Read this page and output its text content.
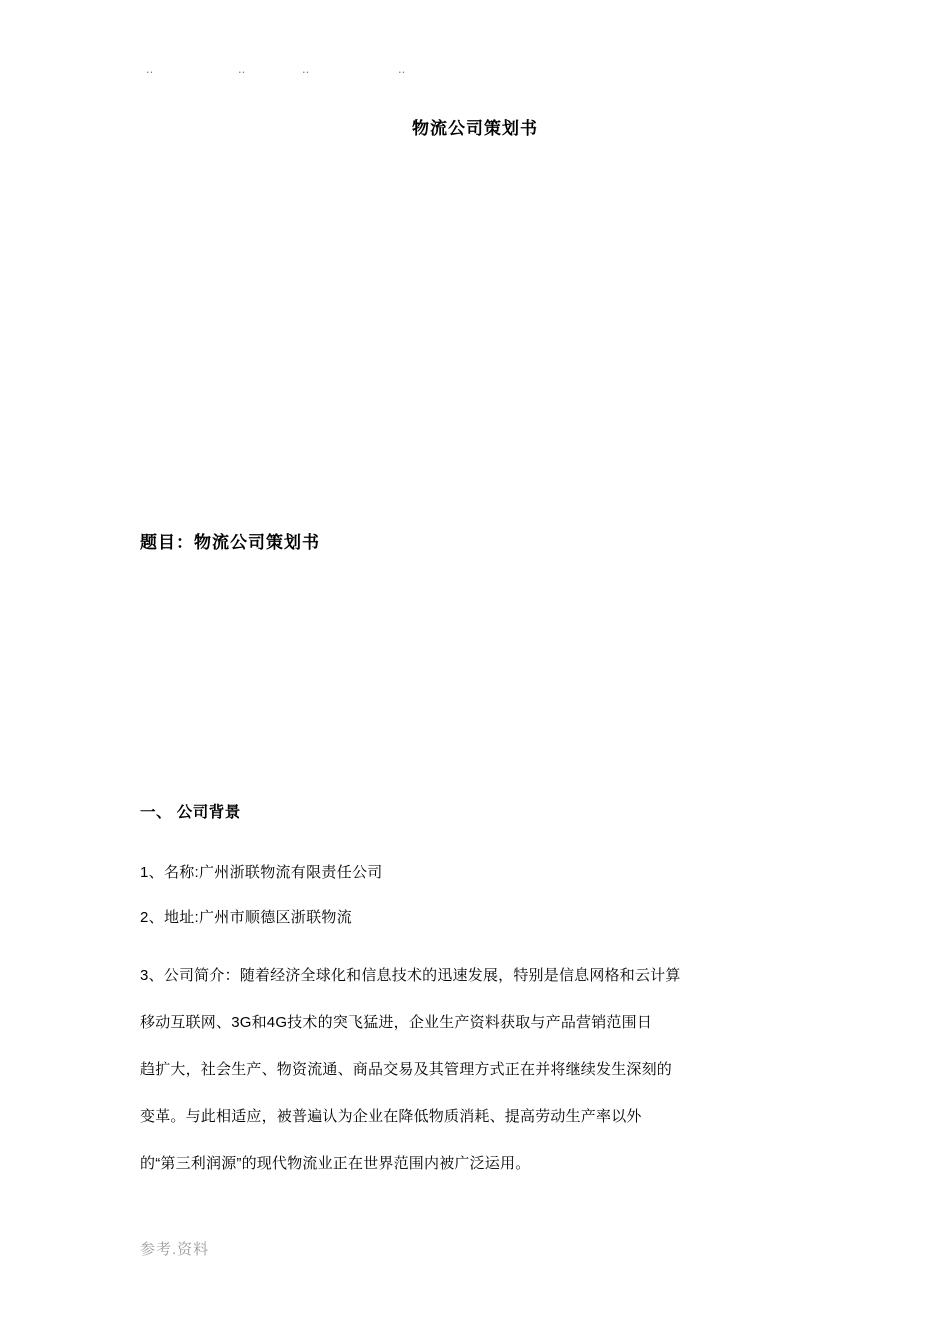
..	..	..	..
物流公司策划书
题目：物流公司策划书
一、 公司背景
1、名称:广州浙联物流有限责任公司
2、地址:广州市顺德区浙联物流
3、公司简介：随着经济全球化和信息技术的迅速发展，特别是信息网格和云计算
移动互联网、3G和4G技术的突飞猛进，企业生产资料获取与产品营销范围日
趋扩大，社会生产、物资流通、商品交易及其管理方式正在并将继续发生深刻的
变革。与此相适应，被普遍认为企业在降低物质消耗、提高劳动生产率以外
的“第三利润源”的现代物流业正在世界范围内被广泛运用。
参考.资料
